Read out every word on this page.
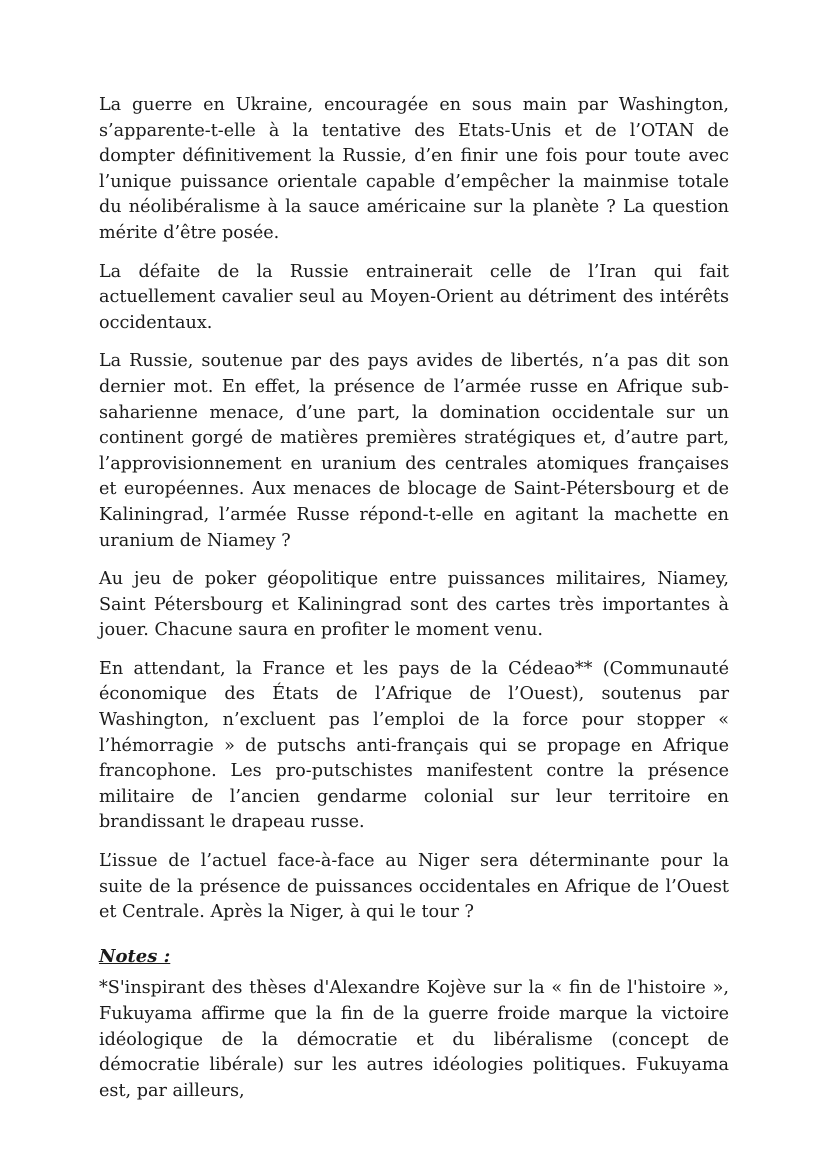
La guerre en Ukraine, encouragée en sous main par Washington, s’apparente-t-elle à la tentative des Etats-Unis et de l’OTAN de dompter définitivement la Russie, d’en finir une fois pour toute avec l’unique puissance orientale capable d’empêcher la mainmise totale du néolibéralisme à la sauce américaine sur la planète ? La question mérite d’être posée.

La défaite de la Russie entrainerait celle de l’Iran qui fait actuellement cavalier seul au Moyen-Orient au détriment des intérêts occidentaux.

La Russie, soutenue par des pays avides de libertés, n’a pas dit son dernier mot. En effet, la présence de l’armée russe en Afrique sub-saharienne menace, d’une part, la domination occidentale sur un continent gorgé de matières premières stratégiques et, d’autre part, l’approvisionnement en uranium des centrales atomiques françaises et européennes. Aux menaces de blocage de Saint-Pétersbourg et de Kaliningrad, l’armée Russe répond-t-elle en agitant la machette en uranium de Niamey ?

Au jeu de poker géopolitique entre puissances militaires, Niamey, Saint Pétersbourg et Kaliningrad sont des cartes très importantes à jouer. Chacune saura en profiter le moment venu.

En attendant, la France et les pays de la Cédeao** (Communauté économique des États de l’Afrique de l’Ouest), soutenus par Washington, n’excluent pas l’emploi de la force pour stopper « l’hémorragie » de putschs anti-français qui se propage en Afrique francophone. Les pro-putschistes manifestent contre la présence militaire de l’ancien gendarme colonial sur leur territoire en brandissant le drapeau russe.

L’issue de l’actuel face-à-face au Niger sera déterminante pour la suite de la présence de puissances occidentales en Afrique de l’Ouest et Centrale. Après la Niger, à qui le tour ?

Notes :

*S'inspirant des thèses d'Alexandre Kojève sur la « fin de l'histoire », Fukuyama affirme que la fin de la guerre froide marque la victoire idéologique de la démocratie et du libéralisme (concept de démocratie libérale) sur les autres idéologies politiques. Fukuyama est, par ailleurs,
